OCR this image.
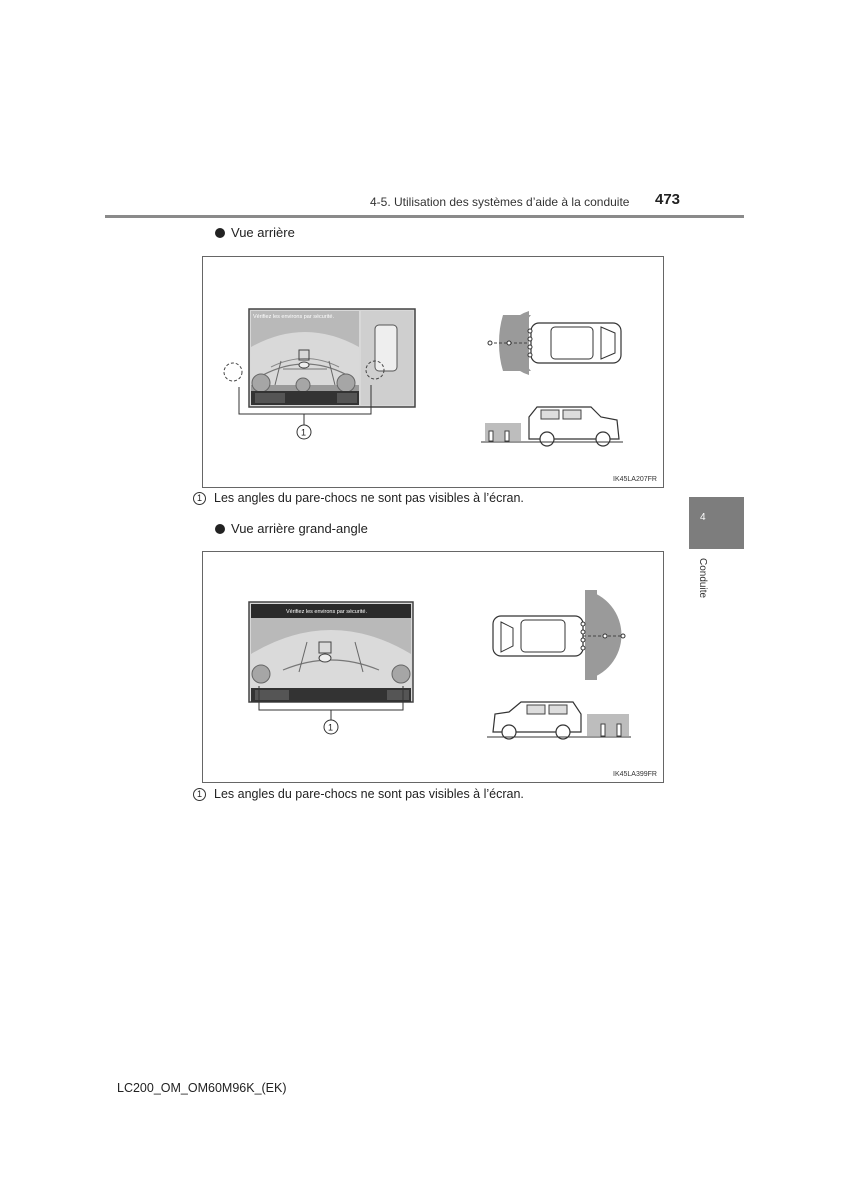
4-5. Utilisation des systèmes d’aide à la conduite 473
4
Conduite
Vue arrière
Vérifiez les environs par sécurité.
1
IK45LA207FR
1 Les angles du pare-chocs ne sont pas visibles à l’écran.
Vue arrière grand-angle
Vérifiez les environs par sécurité.
1
IK45LA399FR
1 Les angles du pare-chocs ne sont pas visibles à l’écran.
LC200_OM_OM60M96K_(EK)
